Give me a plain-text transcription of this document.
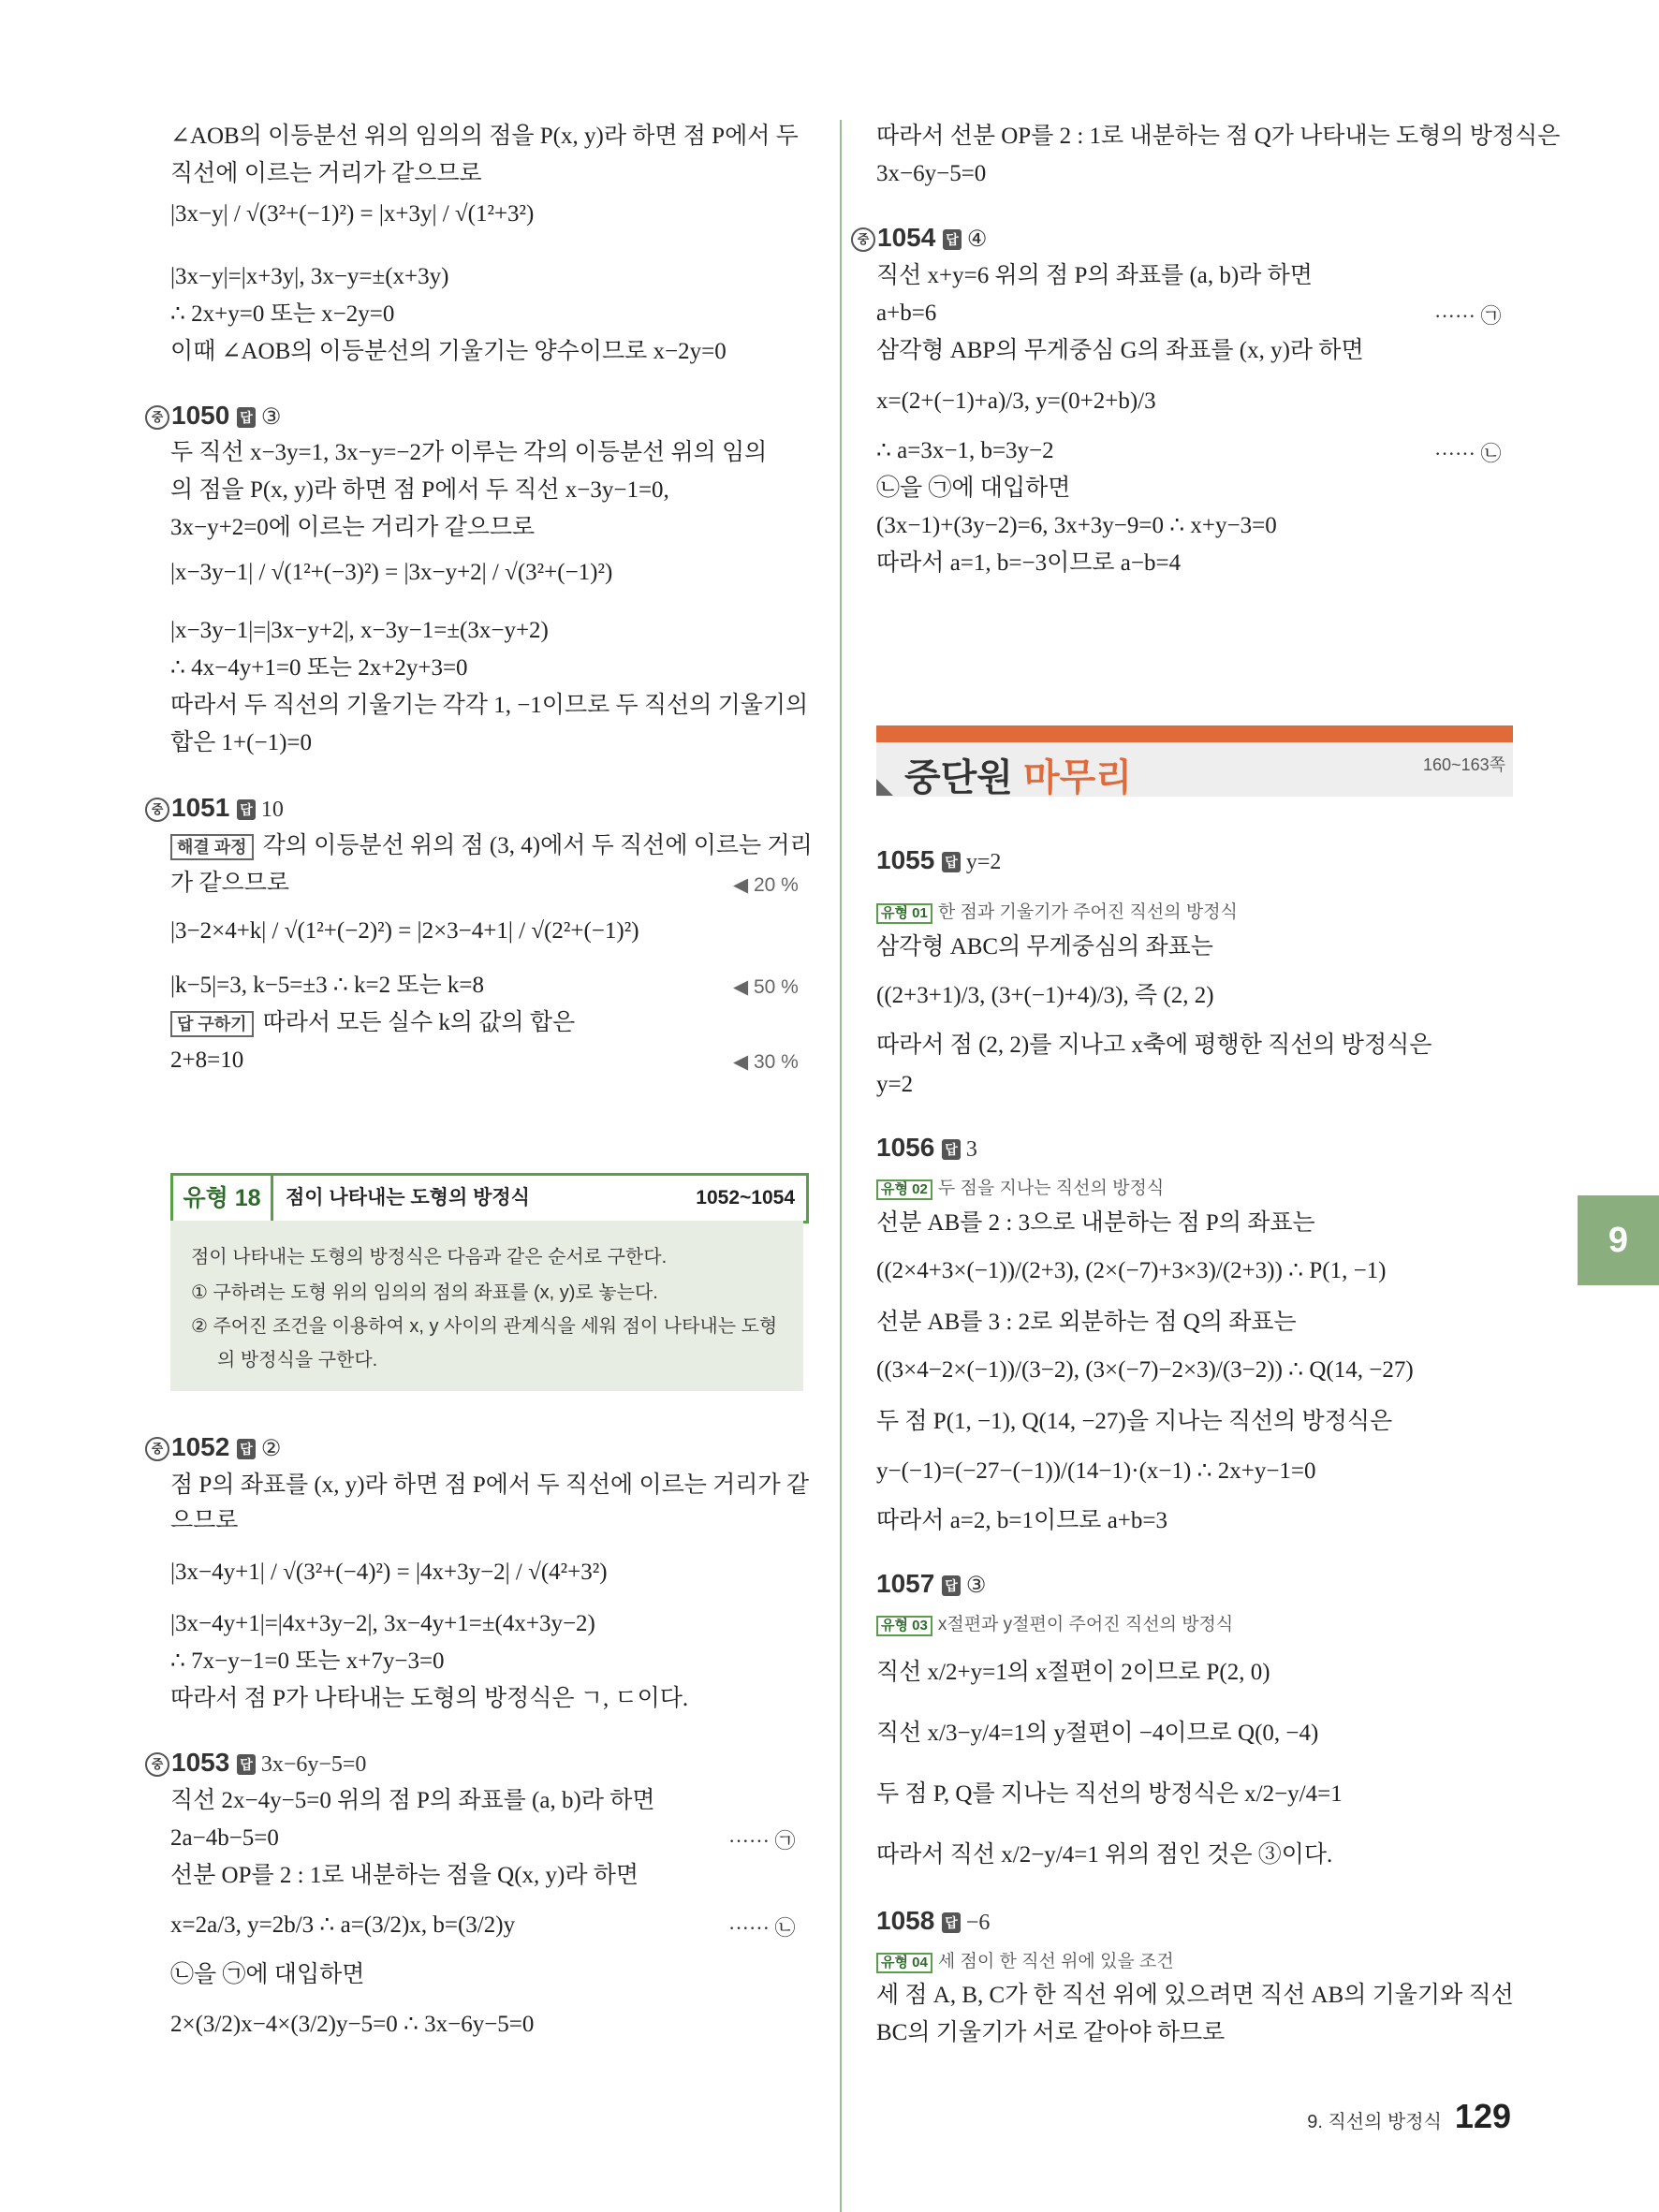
∠AOB의 이등분선 위의 임의의 점을 P(x, y)라 하면 점 P에서 두
직선에 이르는 거리가 같으므로
|3x−y| / √(3²+(−1)²) = |x+3y| / √(1²+3²)
|3x−y|=|x+3y|, 3x−y=±(x+3y)
∴ 2x+y=0 또는 x−2y=0
이때 ∠AOB의 이등분선의 기울기는 양수이므로 x−2y=0
중 1050 답 ③
두 직선 x−3y=1, 3x−y=−2가 이루는 각의 이등분선 위의 임의
의 점을 P(x, y)라 하면 점 P에서 두 직선 x−3y−1=0,
3x−y+2=0에 이르는 거리가 같으므로
|x−3y−1| / √(1²+(−3)²) = |3x−y+2| / √(3²+(−1)²)
|x−3y−1|=|3x−y+2|, x−3y−1=±(3x−y+2)
∴ 4x−4y+1=0 또는 2x+2y+3=0
따라서 두 직선의 기울기는 각각 1, −1이므로 두 직선의 기울기의
합은 1+(−1)=0
중 1051 답 10
해결 과정 각의 이등분선 위의 점 (3, 4)에서 두 직선에 이르는 거리
가 같으므로	◀ 20 %
|3−2×4+k| / √(1²+(−2)²) = |2×3−4+1| / √(2²+(−1)²)
|k−5|=3, k−5=±3 ∴ k=2 또는 k=8	◀ 50 %
답 구하기 따라서 모든 실수 k의 값의 합은
2+8=10	◀ 30 %
유형 18	점이 나타내는 도형의 방정식	1052~1054
점이 나타내는 도형의 방정식은 다음과 같은 순서로 구한다.
① 구하려는 도형 위의 임의의 점의 좌표를 (x, y)로 놓는다.
② 주어진 조건을 이용하여 x, y 사이의 관계식을 세워 점이 나타내는 도형
의 방정식을 구한다.
중 1052 답 ②
점 P의 좌표를 (x, y)라 하면 점 P에서 두 직선에 이르는 거리가 같
으므로
|3x−4y+1| / √(3²+(−4)²) = |4x+3y−2| / √(4²+3²)
|3x−4y+1|=|4x+3y−2|, 3x−4y+1=±(4x+3y−2)
∴ 7x−y−1=0 또는 x+7y−3=0
따라서 점 P가 나타내는 도형의 방정식은 ㄱ, ㄷ이다.
중 1053 답 3x−6y−5=0
직선 2x−4y−5=0 위의 점 P의 좌표를 (a, b)라 하면
2a−4b−5=0	······ ㉠
선분 OP를 2 : 1로 내분하는 점을 Q(x, y)라 하면
x=2a/3, y=2b/3 ∴ a=(3/2)x, b=(3/2)y	······ ㉡
㉡을 ㉠에 대입하면
2×(3/2)x−4×(3/2)y−5=0 ∴ 3x−6y−5=0
따라서 선분 OP를 2 : 1로 내분하는 점 Q가 나타내는 도형의 방정식은
3x−6y−5=0
중 1054 답 ④
직선 x+y=6 위의 점 P의 좌표를 (a, b)라 하면
a+b=6	······ ㉠
삼각형 ABP의 무게중심 G의 좌표를 (x, y)라 하면
x=(2+(−1)+a)/3, y=(0+2+b)/3
∴ a=3x−1, b=3y−2	······ ㉡
㉡을 ㉠에 대입하면
(3x−1)+(3y−2)=6, 3x+3y−9=0 ∴ x+y−3=0
따라서 a=1, b=−3이므로 a−b=4
중단원 마무리	160~163쪽
1055 답 y=2
유형 01 한 점과 기울기가 주어진 직선의 방정식
삼각형 ABC의 무게중심의 좌표는
((2+3+1)/3, (3+(−1)+4)/3), 즉 (2, 2)
따라서 점 (2, 2)를 지나고 x축에 평행한 직선의 방정식은
y=2
1056 답 3
유형 02 두 점을 지나는 직선의 방정식
선분 AB를 2 : 3으로 내분하는 점 P의 좌표는
((2×4+3×(−1))/(2+3), (2×(−7)+3×3)/(2+3)) ∴ P(1, −1)
선분 AB를 3 : 2로 외분하는 점 Q의 좌표는
((3×4−2×(−1))/(3−2), (3×(−7)−2×3)/(3−2)) ∴ Q(14, −27)
두 점 P(1, −1), Q(14, −27)을 지나는 직선의 방정식은
y−(−1)=(−27−(−1))/(14−1)·(x−1) ∴ 2x+y−1=0
따라서 a=2, b=1이므로 a+b=3
1057 답 ③
유형 03 x절편과 y절편이 주어진 직선의 방정식
직선 x/2+y=1의 x절편이 2이므로 P(2, 0)
직선 x/3−y/4=1의 y절편이 −4이므로 Q(0, −4)
두 점 P, Q를 지나는 직선의 방정식은 x/2−y/4=1
따라서 직선 x/2−y/4=1 위의 점인 것은 ③이다.
1058 답 −6
유형 04 세 점이 한 직선 위에 있을 조건
세 점 A, B, C가 한 직선 위에 있으려면 직선 AB의 기울기와 직선
BC의 기울기가 서로 같아야 하므로
9
9. 직선의 방정식 129
